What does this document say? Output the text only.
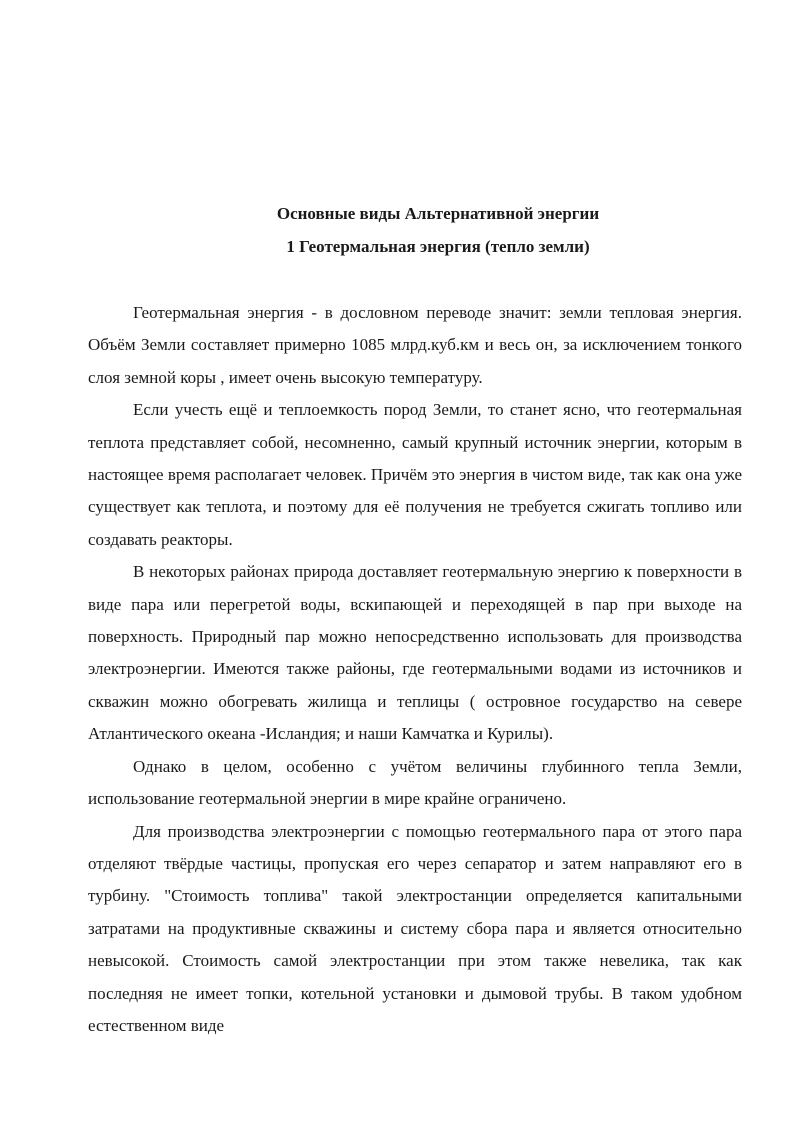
Основные виды Альтернативной энергии
1 Геотермальная энергия (тепло земли)

Геотермальная энергия - в дословном переводе значит: земли тепловая энергия. Объём Земли составляет примерно 1085 млрд.куб.км и весь он, за исключением тонкого слоя земной коры , имеет очень высокую температуру.

Если учесть ещё и теплоемкость пород Земли, то станет ясно, что геотермальная теплота представляет собой, несомненно, самый крупный источник энергии, которым в настоящее время располагает человек. Причём это энергия в чистом виде, так как она уже существует как теплота, и поэтому для её получения не требуется сжигать топливо или создавать реакторы.

В некоторых районах природа доставляет геотермальную энергию к поверхности в виде пара или перегретой воды, вскипающей и переходящей в пар при выходе на поверхность. Природный пар можно непосредственно использовать для производства электроэнергии. Имеются также районы, где геотермальными водами из источников и скважин можно обогревать жилища и теплицы ( островное государство на севере Атлантического океана -Исландия; и наши Камчатка и Курилы).

Однако в целом, особенно с учётом величины глубинного тепла Земли, использование геотермальной энергии в мире крайне ограничено.

Для производства электроэнергии с помощью геотермального пара от этого пара отделяют твёрдые частицы, пропуская его через сепаратор и затем направляют его в турбину. "Стоимость топлива" такой электростанции определяется капитальными затратами на продуктивные скважины и систему сбора пара и является относительно невысокой. Стоимость самой электростанции при этом также невелика, так как последняя не имеет топки, котельной установки и дымовой трубы. В таком удобном естественном виде
